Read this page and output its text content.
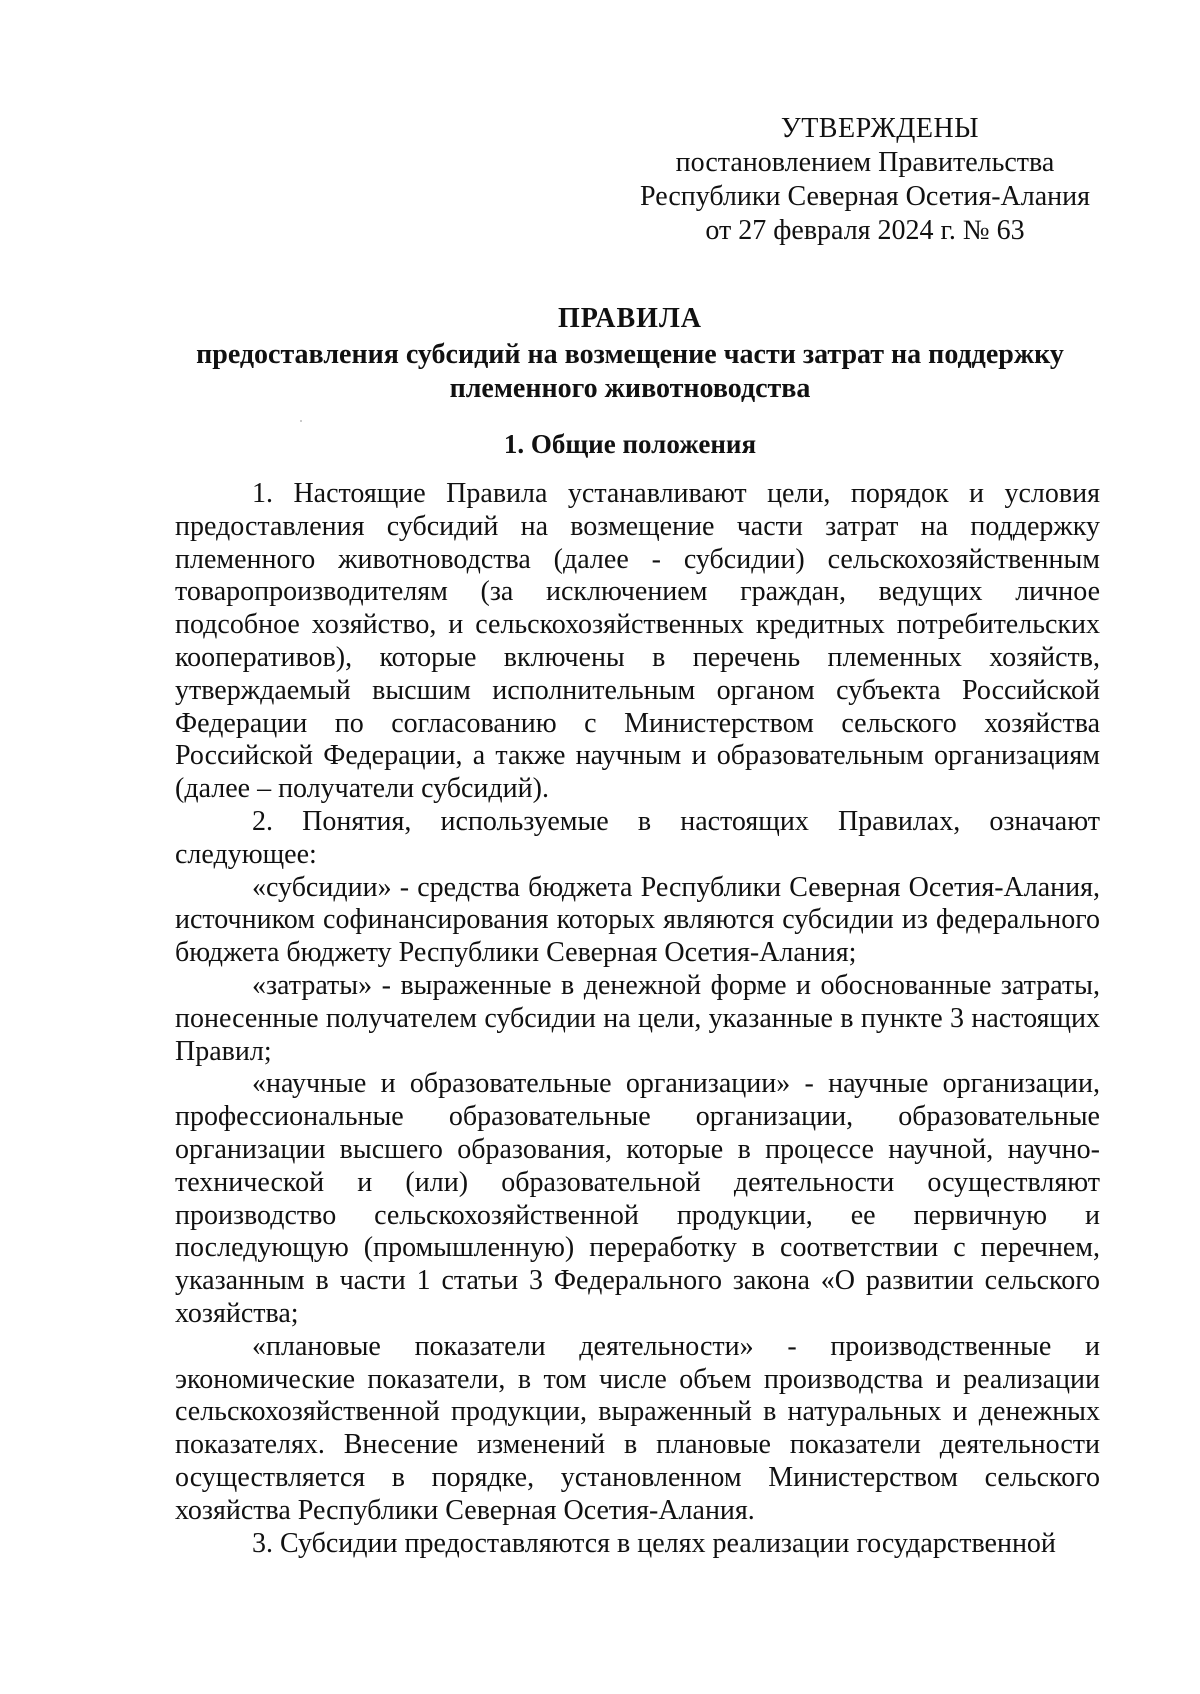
УТВЕРЖДЕНЫ
постановлением Правительства
Республики Северная Осетия-Алания
от 27 февраля 2024 г. № 63
ПРАВИЛА
предоставления субсидий на возмещение части затрат на поддержку племенного животноводства
1. Общие положения

1. Настоящие Правила устанавливают цели, порядок и условия предоставления субсидий на возмещение части затрат на поддержку племенного животноводства (далее - субсидии) сельскохозяйственным товаропроизводителям (за исключением граждан, ведущих личное подсобное хозяйство, и сельскохозяйственных кредитных потребительских кооперативов), которые включены в перечень племенных хозяйств, утверждаемый высшим исполнительным органом субъекта Российской Федерации по согласованию с Министерством сельского хозяйства Российской Федерации, а также научным и образовательным организациям (далее – получатели субсидий).

2. Понятия, используемые в настоящих Правилах, означают следующее:

«субсидии» - средства бюджета Республики Северная Осетия-Алания, источником софинансирования которых являются субсидии из федерального бюджета бюджету Республики Северная Осетия-Алания;

«затраты» - выраженные в денежной форме и обоснованные затраты, понесенные получателем субсидии на цели, указанные в пункте 3 настоящих Правил;

«научные и образовательные организации» - научные организации, профессиональные образовательные организации, образовательные организации высшего образования, которые в процессе научной, научно-технической и (или) образовательной деятельности осуществляют производство сельскохозяйственной продукции, ее первичную и последующую (промышленную) переработку в соответствии с перечнем, указанным в части 1 статьи 3 Федерального закона «О развитии сельского хозяйства;

«плановые показатели деятельности» - производственные и экономические показатели, в том числе объем производства и реализации сельскохозяйственной продукции, выраженный в натуральных и денежных показателях. Внесение изменений в плановые показатели деятельности осуществляется в порядке, установленном Министерством сельского хозяйства Республики Северная Осетия-Алания.

3. Субсидии предоставляются в целях реализации государственной
